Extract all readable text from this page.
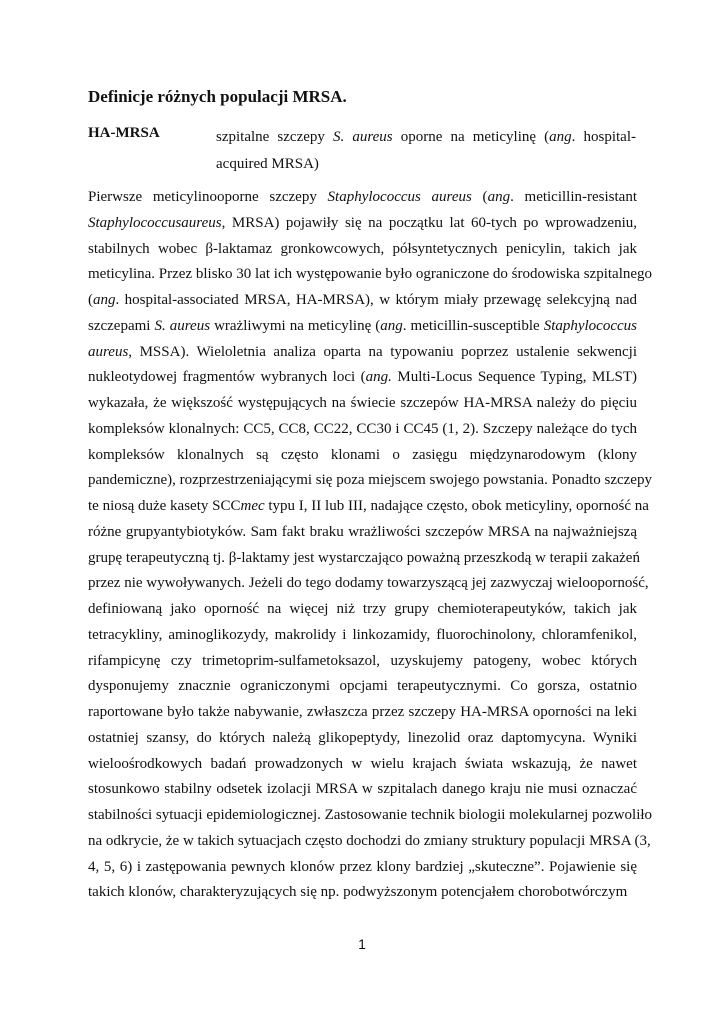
Definicje różnych populacji MRSA.
HA-MRSA	szpitalne szczepy S. aureus oporne na meticylinę (ang. hospital-acquired MRSA)
Pierwsze meticylinooporne szczepy Staphylococcus aureus (ang. meticillin-resistant
Staphylococcusaureus, MRSA) pojawiły się na początku lat 60-tych po wprowadzeniu,
stabilnych wobec β-laktamaz gronkowcowych, półsyntetycznych penicylin, takich jak
meticylina. Przez blisko 30 lat ich występowanie było ograniczone do środowiska szpitalnego
(ang. hospital-associated MRSA, HA-MRSA), w którym miały przewagę selekcyjną nad
szczepami S. aureus wrażliwymi na meticylinę (ang. meticillin-susceptible Staphylococcus
aureus, MSSA). Wieloletnia analiza oparta na typowaniu poprzez ustalenie sekwencji
nukleotydowej fragmentów wybranych loci (ang. Multi-Locus Sequence Typing, MLST)
wykazała, że większość występujących na świecie szczepów HA-MRSA należy do pięciu
kompleksów klonalnych: CC5, CC8, CC22, CC30 i CC45 (1, 2). Szczepy należące do tych
kompleksów klonalnych są często klonami o zasięgu międzynarodowym (klony
pandemiczne), rozprzestrzeniającymi się poza miejscem swojego powstania. Ponadto szczepy
te niosą duże kasety SCCmec typu I, II lub III, nadające często, obok meticyliny, oporność na
różne grupyantybiotyków. Sam fakt braku wrażliwości szczepów MRSA na najważniejszą
grupę terapeutyczną tj. β-laktamy jest wystarczająco poważną przeszkodą w terapii zakażeń
przez nie wywoływanych. Jeżeli do tego dodamy towarzyszącą jej zazwyczaj wielooporność,
definiowaną jako oporność na więcej niż trzy grupy chemioterapeutyków, takich jak
tetracykliny, aminoglikozydy, makrolidy i linkozamidy, fluorochinolony, chloramfenikol,
rifampicynę czy trimetoprim-sulfametoksazol, uzyskujemy patogeny, wobec których
dysponujemy znacznie ograniczonymi opcjami terapeutycznymi. Co gorsza, ostatnio
raportowane było także nabywanie, zwłaszcza przez szczepy HA-MRSA oporności na leki
ostatniej szansy, do których należą glikopeptydy, linezolid oraz daptomycyna. Wyniki
wieloośrodkowych badań prowadzonych w wielu krajach świata wskazują, że nawet
stosunkowo stabilny odsetek izolacji MRSA w szpitalach danego kraju nie musi oznaczać
stabilności sytuacji epidemiologicznej. Zastosowanie technik biologii molekularnej pozwoliło
na odkrycie, że w takich sytuacjach często dochodzi do zmiany struktury populacji MRSA (3,
4, 5, 6) i zastępowania pewnych klonów przez klony bardziej „skuteczne”. Pojawienie się
takich klonów, charakteryzujących się np. podwyższonym potencjałem chorobotwórczym
1
